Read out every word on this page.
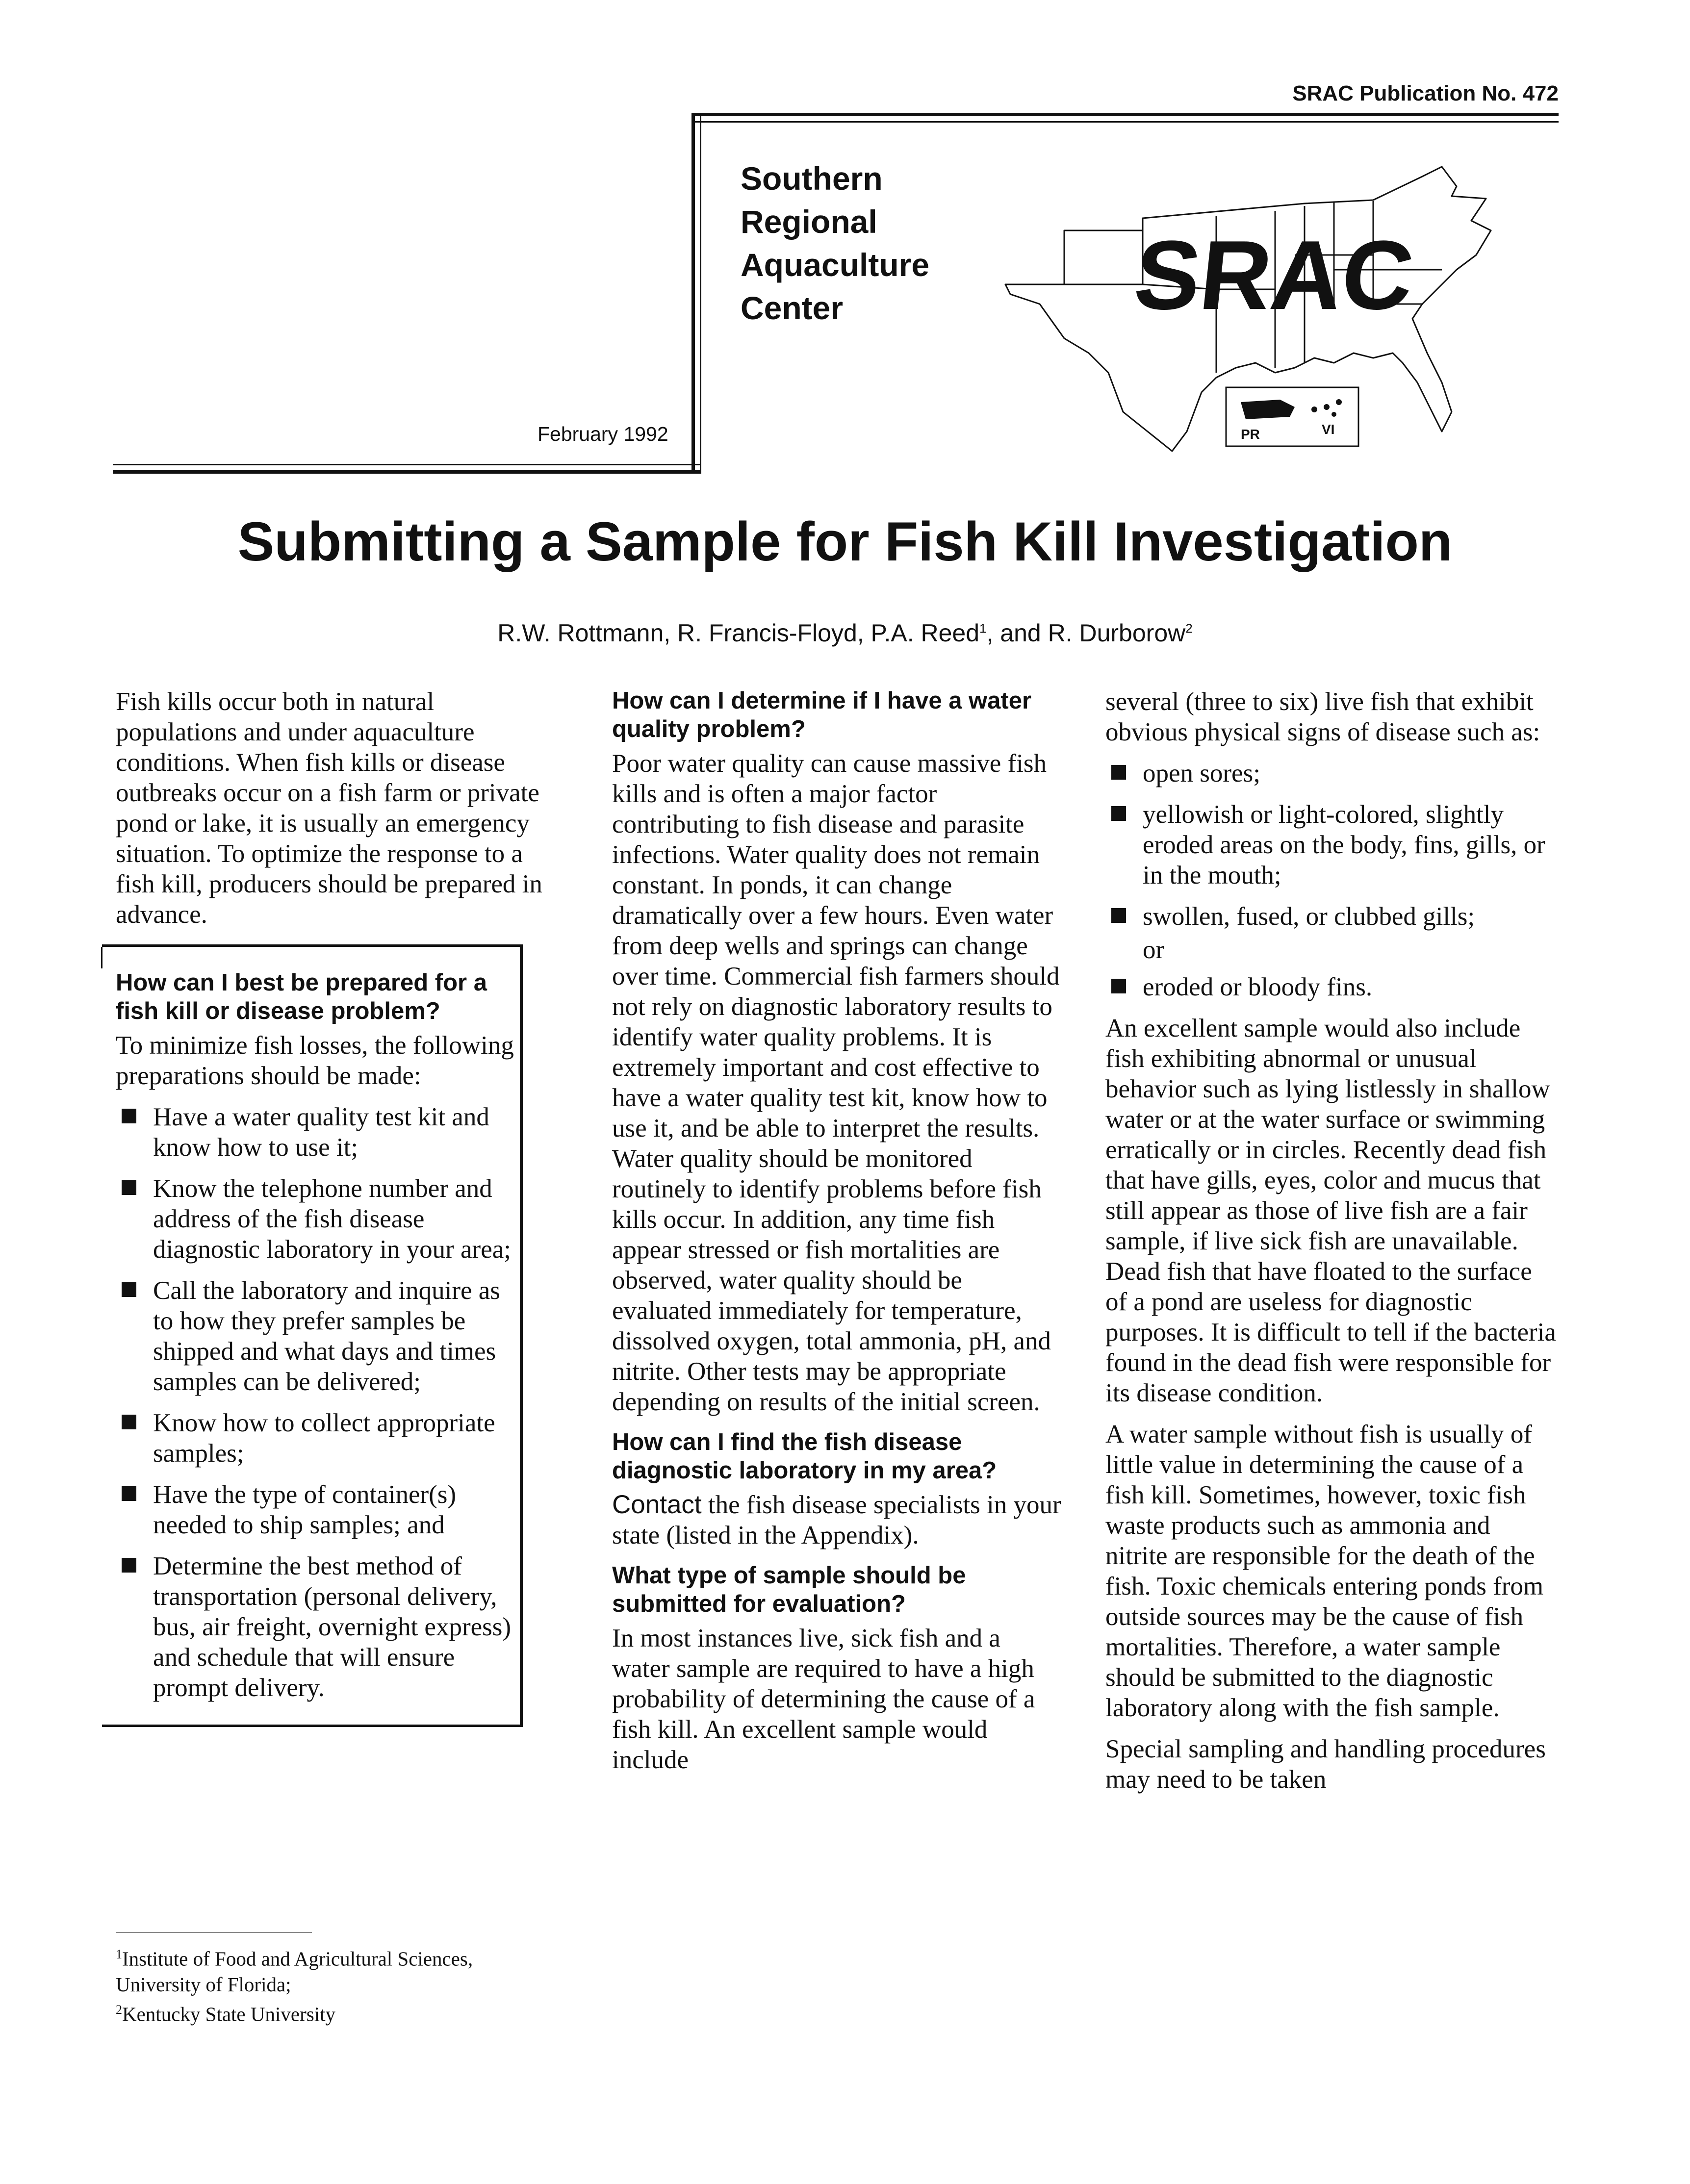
SRAC Publication No. 472
Southern
Regional
Aquaculture
Center
February 1992
SRAC
PR	VI
Submitting a Sample for Fish Kill Investigation
R.W. Rottmann, R. Francis-Floyd, P.A. Reed$^1$, and R. Durborow$^2$

Fish kills occur both in natural populations and under aquaculture conditions. When fish kills or disease outbreaks occur on a fish farm or private pond or lake, it is usually an emergency situation. To optimize the response to a fish kill, producers should be prepared in advance.

How can I best be prepared for a fish kill or disease problem?

To minimize fish losses, the following preparations should be made:

Have a water quality test kit and know how to use it;
Know the telephone number and address of the fish disease diagnostic laboratory in your area;
Call the laboratory and inquire as to how they prefer samples be shipped and what days and times samples can be delivered;
Know how to collect appropriate samples;
Have the type of container(s) needed to ship samples; and
Determine the best method of transportation (personal delivery, bus, air freight, overnight express) and schedule that will ensure prompt delivery.
$^1$Institute of Food and Agricultural Sciences, University of Florida;
$^2$Kentucky State University
How can I determine if I have a water quality problem?

Poor water quality can cause massive fish kills and is often a major factor contributing to fish disease and parasite infections. Water quality does not remain constant. In ponds, it can change dramatically over a few hours. Even water from deep wells and springs can change over time. Commercial fish farmers should not rely on diagnostic laboratory results to identify water quality problems. It is extremely important and cost effective to have a water quality test kit, know how to use it, and be able to interpret the results. Water quality should be monitored routinely to identify problems before fish kills occur. In addition, any time fish appear stressed or fish mortalities are observed, water quality should be evaluated immediately for temperature, dissolved oxygen, total ammonia, pH, and nitrite. Other tests may be appropriate depending on results of the initial screen.

How can I find the fish disease diagnostic laboratory in my area?

Contact the fish disease specialists in your state (listed in the Appendix).

What type of sample should be submitted for evaluation?

In most instances live, sick fish and a water sample are required to have a high probability of determining the cause of a fish kill. An excellent sample would include

several (three to six) live fish that exhibit obvious physical signs of disease such as:

open sores;
yellowish or light-colored, slightly eroded areas on the body, fins, gills, or in the mouth;
swollen, fused, or clubbed gills;
or
eroded or bloody fins.

An excellent sample would also include fish exhibiting abnormal or unusual behavior such as lying listlessly in shallow water or at the water surface or swimming erratically or in circles. Recently dead fish that have gills, eyes, color and mucus that still appear as those of live fish are a fair sample, if live sick fish are unavailable. Dead fish that have floated to the surface of a pond are useless for diagnostic purposes. It is difficult to tell if the bacteria found in the dead fish were responsible for its disease condition.

A water sample without fish is usually of little value in determining the cause of a fish kill. Sometimes, however, toxic fish waste products such as ammonia and nitrite are responsible for the death of the fish. Toxic chemicals entering ponds from outside sources may be the cause of fish mortalities. Therefore, a water sample should be submitted to the diagnostic laboratory along with the fish sample.

Special sampling and handling procedures may need to be taken
